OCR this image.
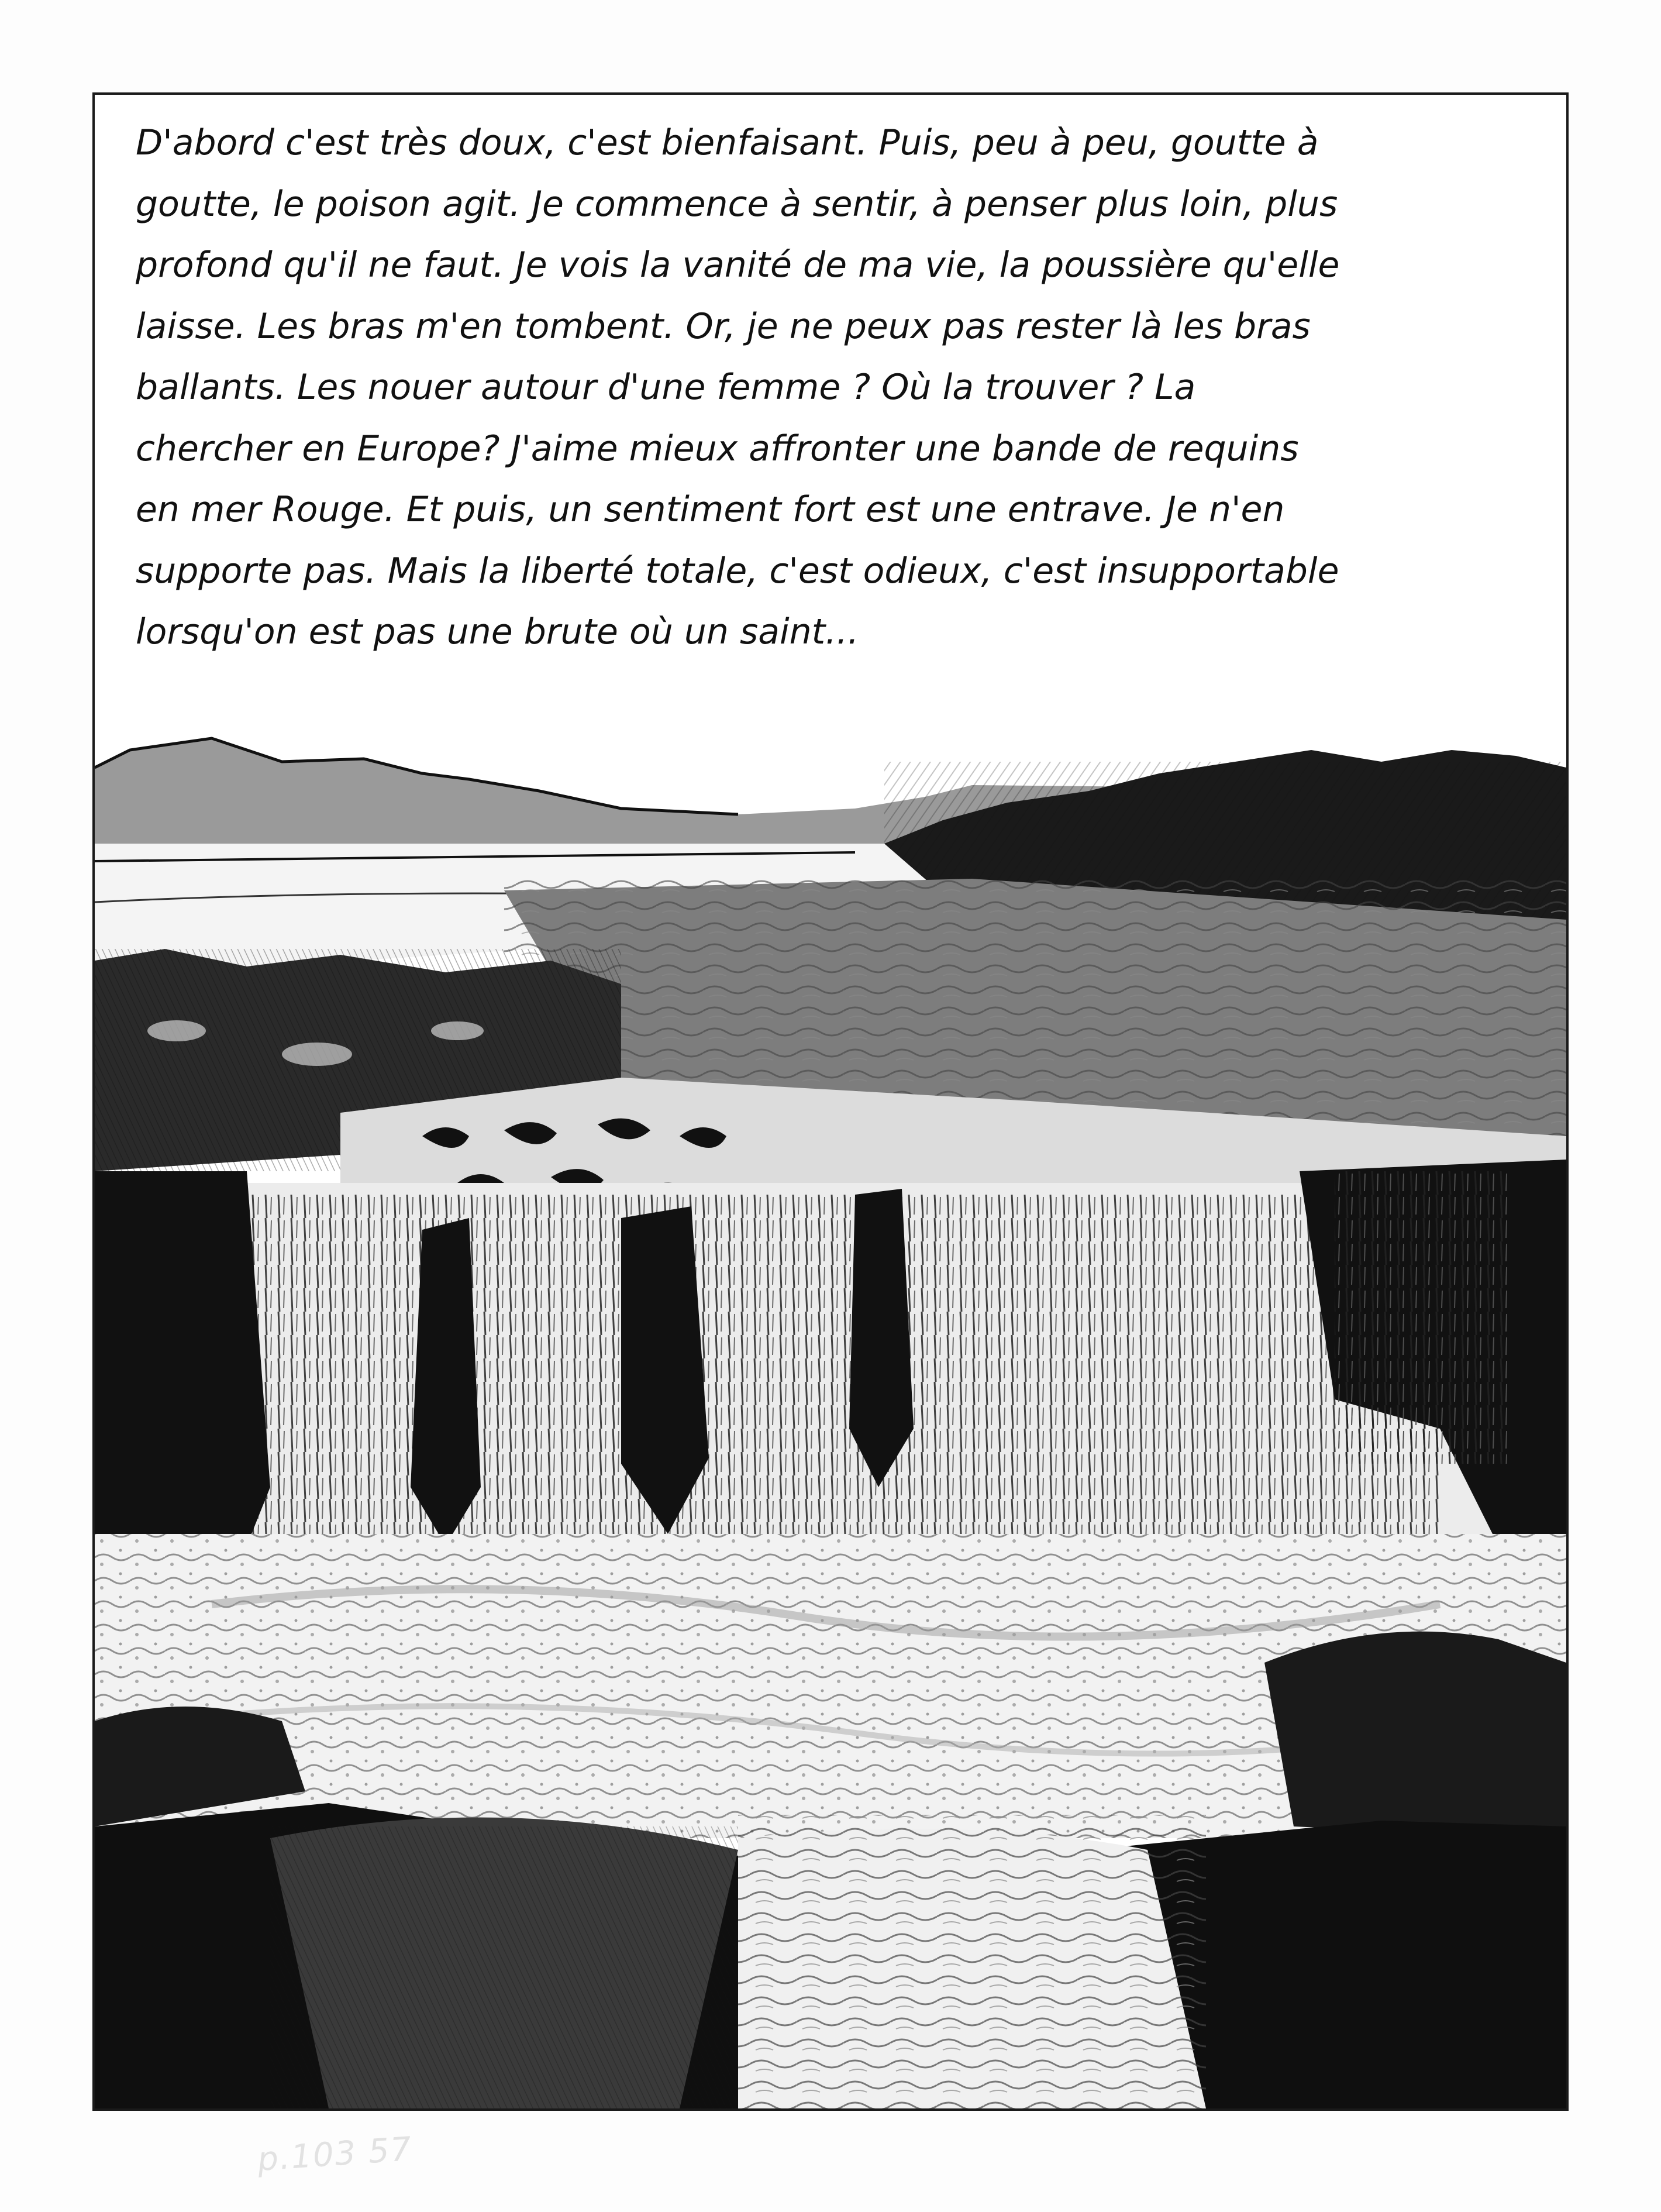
D'abord c'est très doux, c'est bienfaisant. Puis, peu à peu, goutte à
goutte, le poison agit. Je commence à sentir, à penser plus loin, plus
profond qu'il ne faut. Je vois la vanité de ma vie, la poussière qu'elle
laisse. Les bras m'en tombent. Or, je ne peux pas rester là les bras
ballants. Les nouer autour d'une femme ? Où la trouver ? La
chercher en Europe? J'aime mieux affronter une bande de requins
en mer Rouge. Et puis, un sentiment fort est une entrave. Je n'en
supporte pas. Mais la liberté totale, c'est odieux, c'est insupportable
lorsqu'on est pas une brute où un saint...
p.103 57
